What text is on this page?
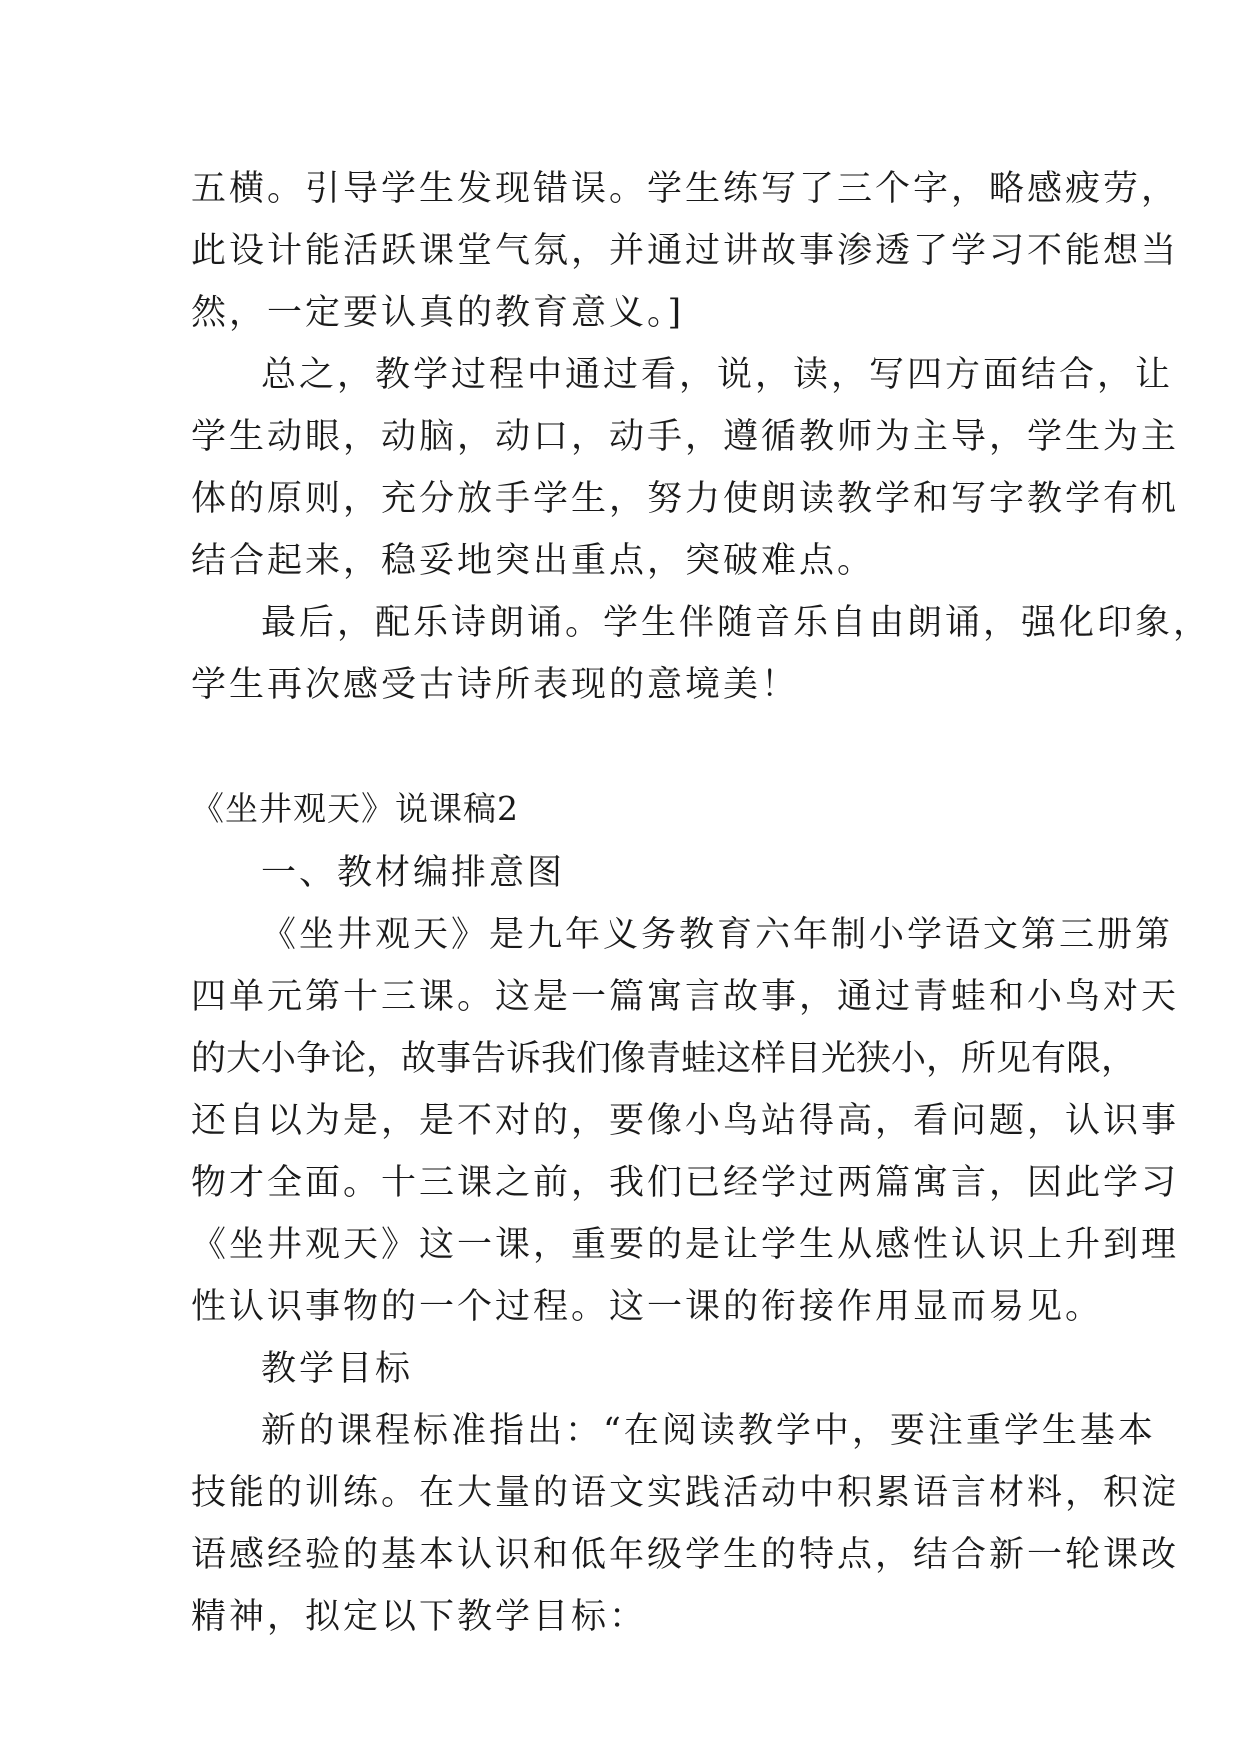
五横。引导学生发现错误。学生练写了三个字，略感疲劳，
此设计能活跃课堂气氛，并通过讲故事渗透了学习不能想当
然，一定要认真的教育意义。]
总之，教学过程中通过看，说，读，写四方面结合，让
学生动眼，动脑，动口，动手，遵循教师为主导，学生为主
体的原则，充分放手学生，努力使朗读教学和写字教学有机
结合起来，稳妥地突出重点，突破难点。
最后，配乐诗朗诵。学生伴随音乐自由朗诵，强化印象，
学生再次感受古诗所表现的意境美！
《坐井观天》说课稿2
一、教材编排意图
《坐井观天》是九年义务教育六年制小学语文第三册第
四单元第十三课。这是一篇寓言故事，通过青蛙和小鸟对天
的大小争论，故事告诉我们像青蛙这样目光狭小，所见有限，
还自以为是，是不对的，要像小鸟站得高，看问题，认识事
物才全面。十三课之前，我们已经学过两篇寓言，因此学习
《坐井观天》这一课，重要的是让学生从感性认识上升到理
性认识事物的一个过程。这一课的衔接作用显而易见。
教学目标
新的课程标准指出：“在阅读教学中，要注重学生基本
技能的训练。在大量的语文实践活动中积累语言材料，积淀
语感经验的基本认识和低年级学生的特点，结合新一轮课改
精神，拟定以下教学目标：
